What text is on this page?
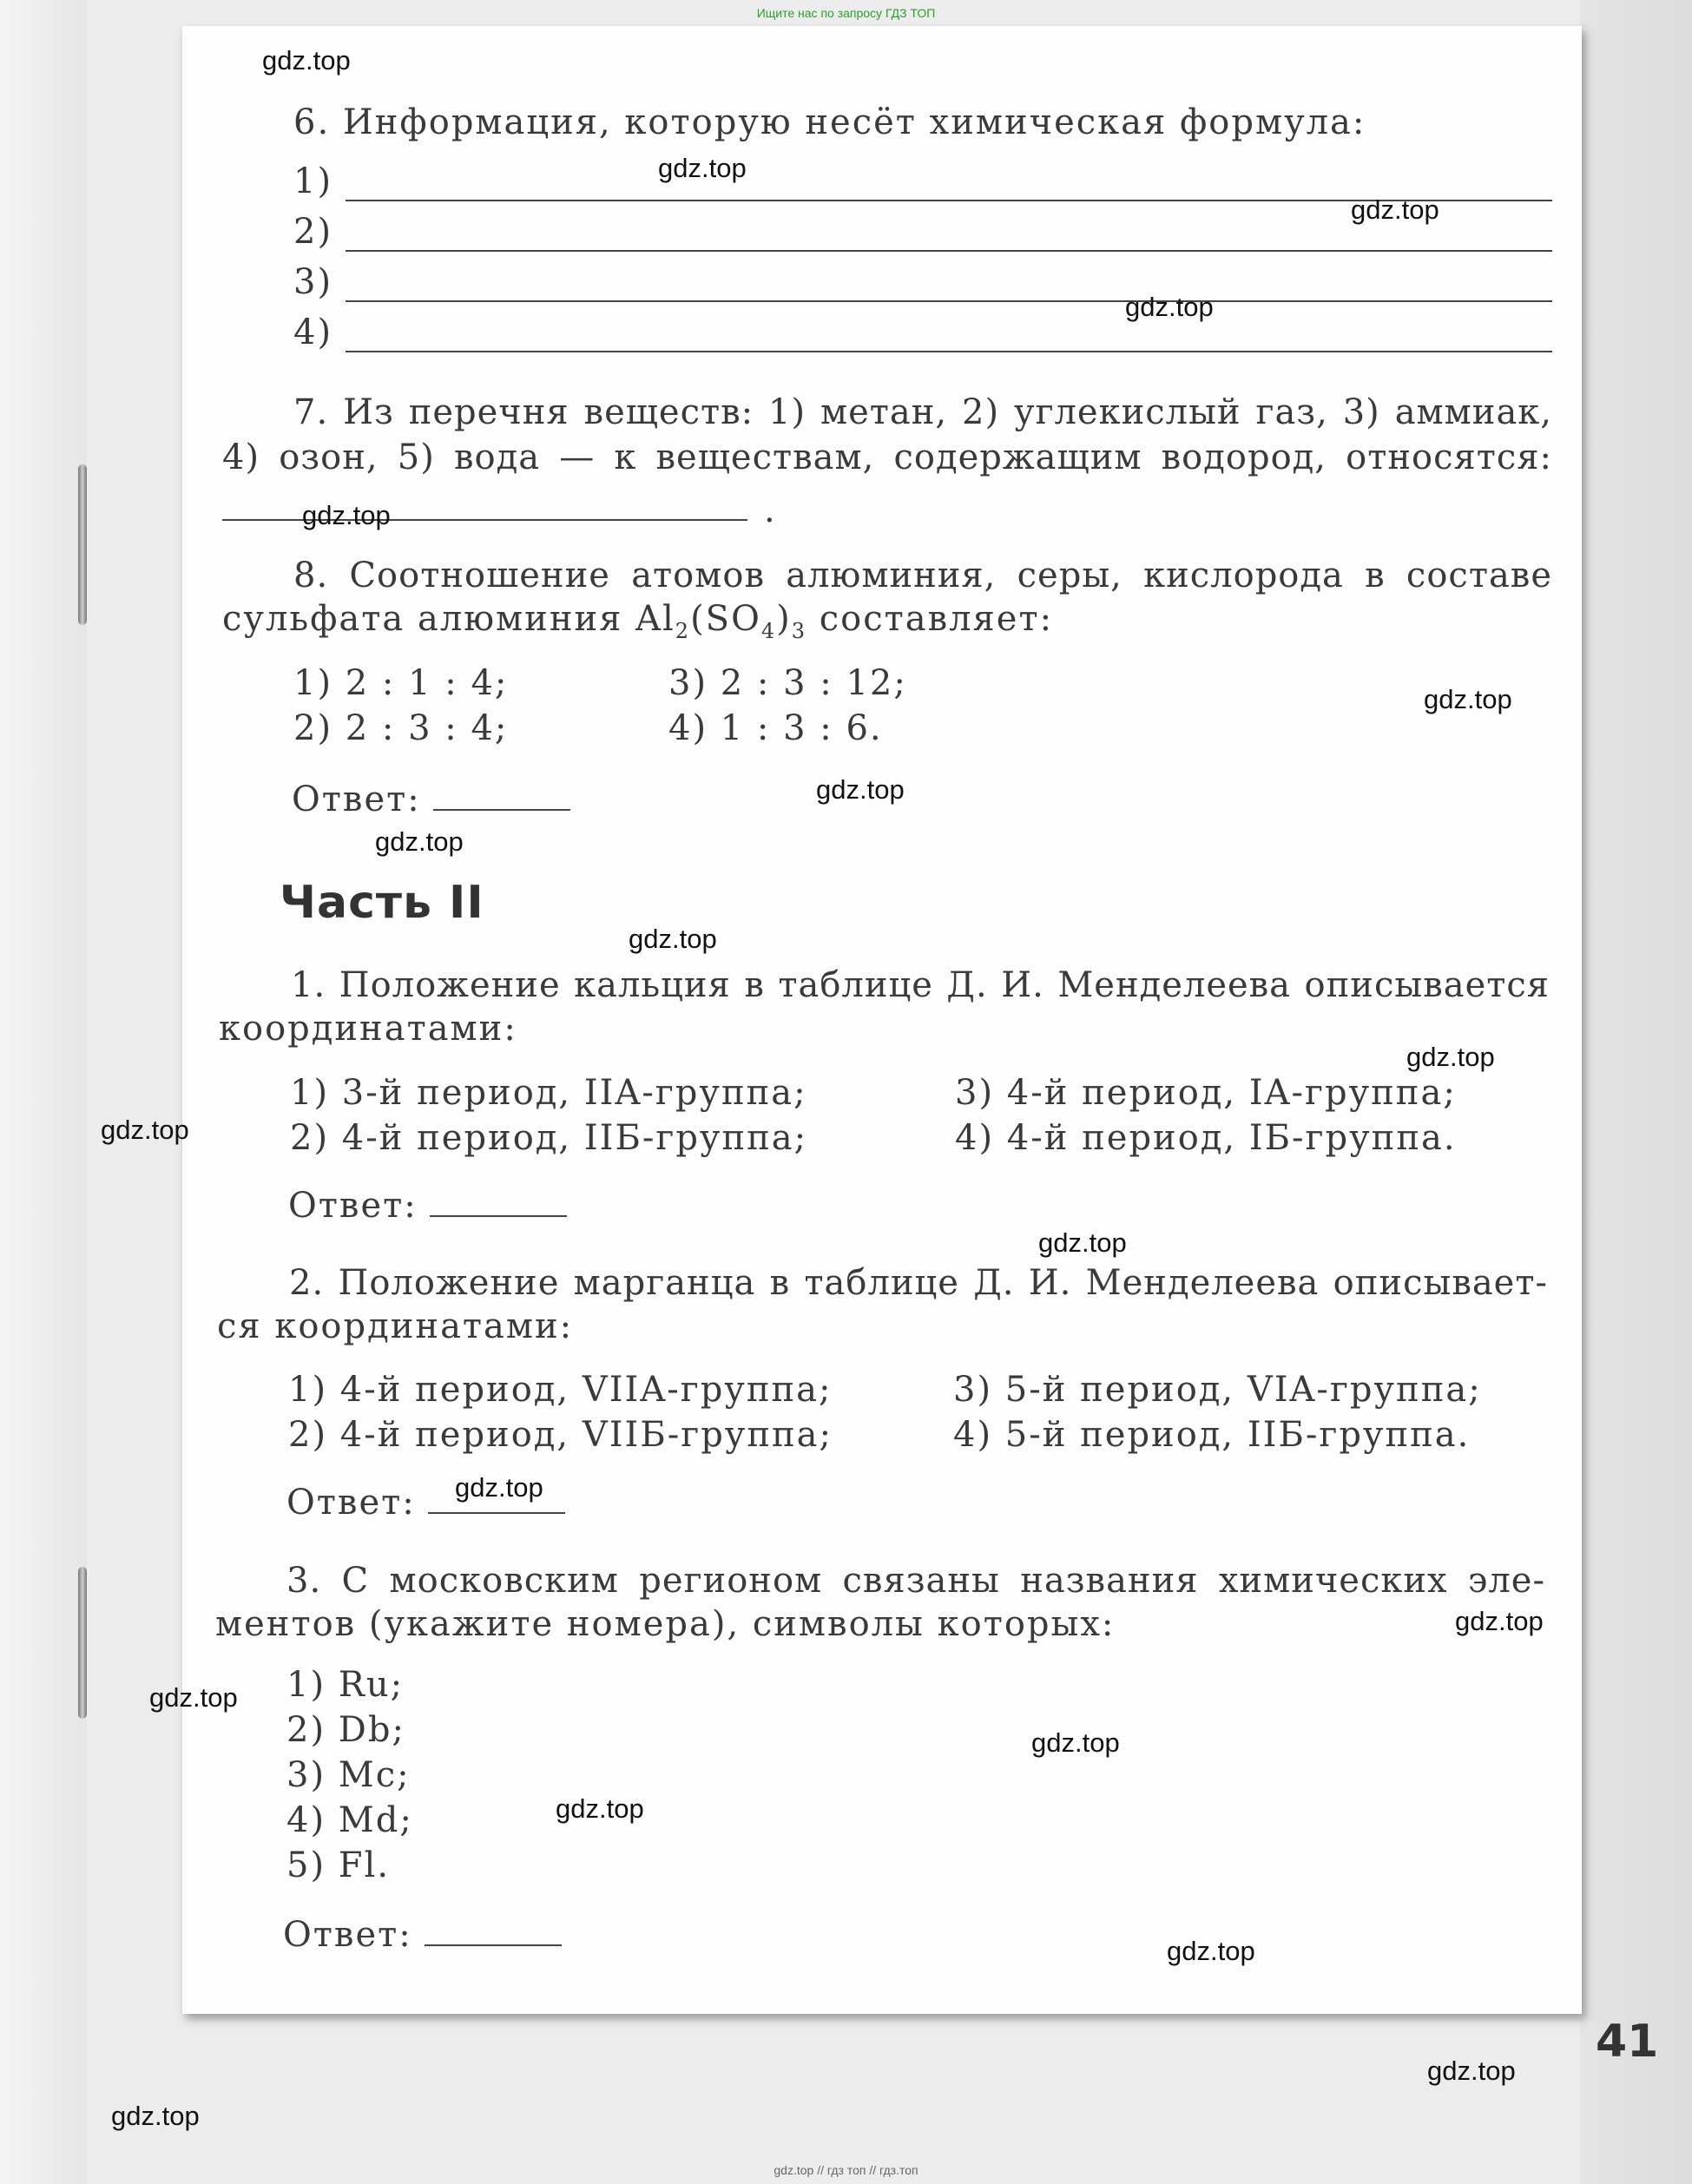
Ищите нас по запросу ГДЗ ТОП
6. Информация, которую несёт химическая формула:
1)
2)
3)
4)
7. Из перечня веществ: 1) метан, 2) углекислый газ, 3) аммиак,
4) озон, 5) вода — к веществам, содержащим водород, относятся:
.
8. Соотношение атомов алюминия, серы, кислорода в составе
сульфата алюминия $Al_2(SO_4)_3$ составляет:
1) 2 : 1 : 4;
2) 2 : 3 : 4;
3) 2 : 3 : 12;
4) 1 : 3 : 6.
Ответ:
Часть II
1. Положение кальция в таблице Д. И. Менделеева описывается
координатами:
1) 3-й период, IIA-группа;
2) 4-й период, IIБ-группа;
3) 4-й период, IA-группа;
4) 4-й период, IБ-группа.
Ответ:
2. Положение марганца в таблице Д. И. Менделеева описывает-
ся координатами:
1) 4-й период, VIIA-группа;
2) 4-й период, VIIБ-группа;
3) 5-й период, VIA-группа;
4) 5-й период, IIБ-группа.
Ответ:
3. С московским регионом связаны названия химических эле-
ментов (укажите номера), символы которых:
1) Ru;
2) Db;
3) Mc;
4) Md;
5) Fl.
Ответ:
41
gdz.top
gdz.top
gdz.top
gdz.top
gdz.top
gdz.top
gdz.top
gdz.top
gdz.top
gdz.top
gdz.top
gdz.top
gdz.top
gdz.top
gdz.top
gdz.top
gdz.top
gdz.top
gdz.top
gdz.top
gdz.top // гдз топ // гдз.топ
